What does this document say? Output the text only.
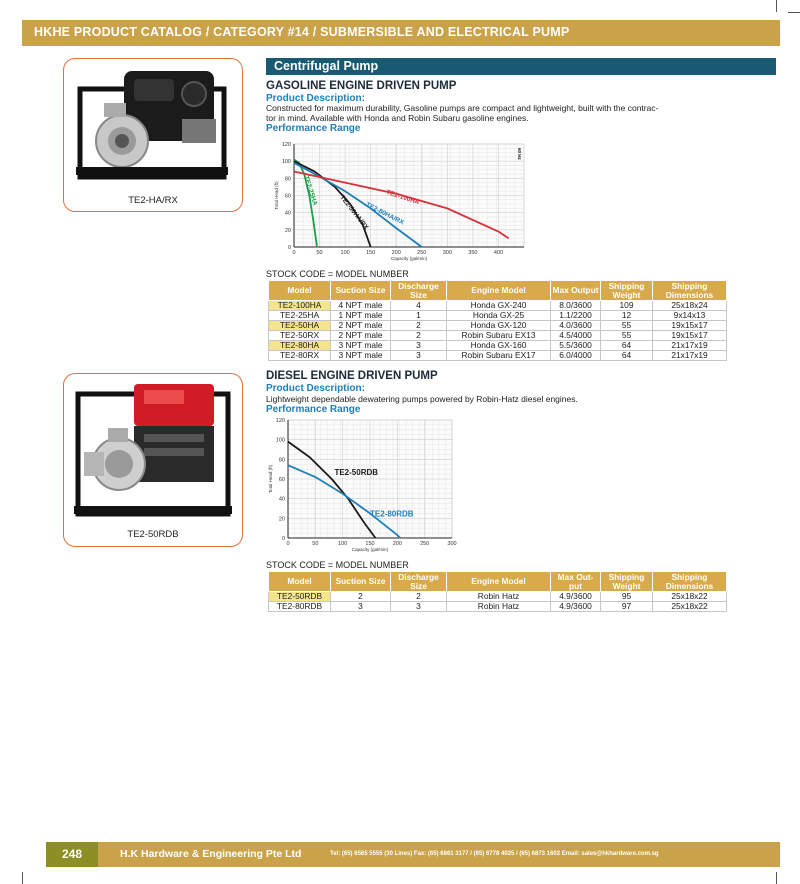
HKHE PRODUCT CATALOG / CATEGORY #14 / SUBMERSIBLE AND ELECTRICAL PUMP
TE2-HA/RX
TE2-50RDB
Centrifugal Pump
GASOLINE ENGINE DRIVEN PUMP
Product Description:
Constructed for maximum durability, Gasoline pumps are compact and lightweight, built with the contrac-
tor in mind. Available with Honda and Robin Subaru gasoline engines.
Performance Range
0
20
40
60
80
100
120
0	50	100	150	200	250	300	350	400
Capacity (gal/min)
Total Head (ft)
60 Hz
TE2-25HA
TE2-50HA/RX
TE2-80HA/RX
TE2-100HA
STOCK CODE = MODEL NUMBER
Model	Suction Size	Discharge Size	Engine Model	Max Output	Shipping Weight	Shipping Dimensions
TE2-100HA	4 NPT male	4	Honda GX-240	8.0/3600	109	25x18x24
TE2-25HA	1 NPT male	1	Honda GX-25	1.1/2200	12	9x14x13
TE2-50HA	2 NPT male	2	Honda GX-120	4.0/3600	55	19x15x17
TE2-50RX	2 NPT male	2	Robin Subaru EX13	4.5/4000	55	19x15x17
TE2-80HA	3 NPT male	3	Honda GX-160	5.5/3600	64	21x17x19
TE2-80RX	3 NPT male	3	Robin Subaru EX17	6.0/4000	64	21x17x19
DIESEL ENGINE DRIVEN PUMP
Product Description:
Lightweight dependable dewatering pumps powered by Robin-Hatz diesel engines.
Performance Range
0
20
40
60
80
100
120
0	50	100	150	200	250	300
Capacity (gal/min)
Total Head (ft)	TE2-50RDB
TE2-80RDB
STOCK CODE = MODEL NUMBER
Model	Suction Size	Discharge Size	Engine Model	Max Out- put	Shipping Weight	Shipping Dimensions
TE2-50RDB	2	2	Robin Hatz	4.9/3600	95	25x18x22
TE2-80RDB	3	3	Robin Hatz	4.9/3600	97	25x18x22
248	H.K Hardware & Engineering Pte Ltd	Tel: (65) 6565 5555 (30 Lines) Fax: (65) 6861 3177 / (65) 6778 4025 / (65) 6873 1602 Email: sales@hkhardware.com.sg
